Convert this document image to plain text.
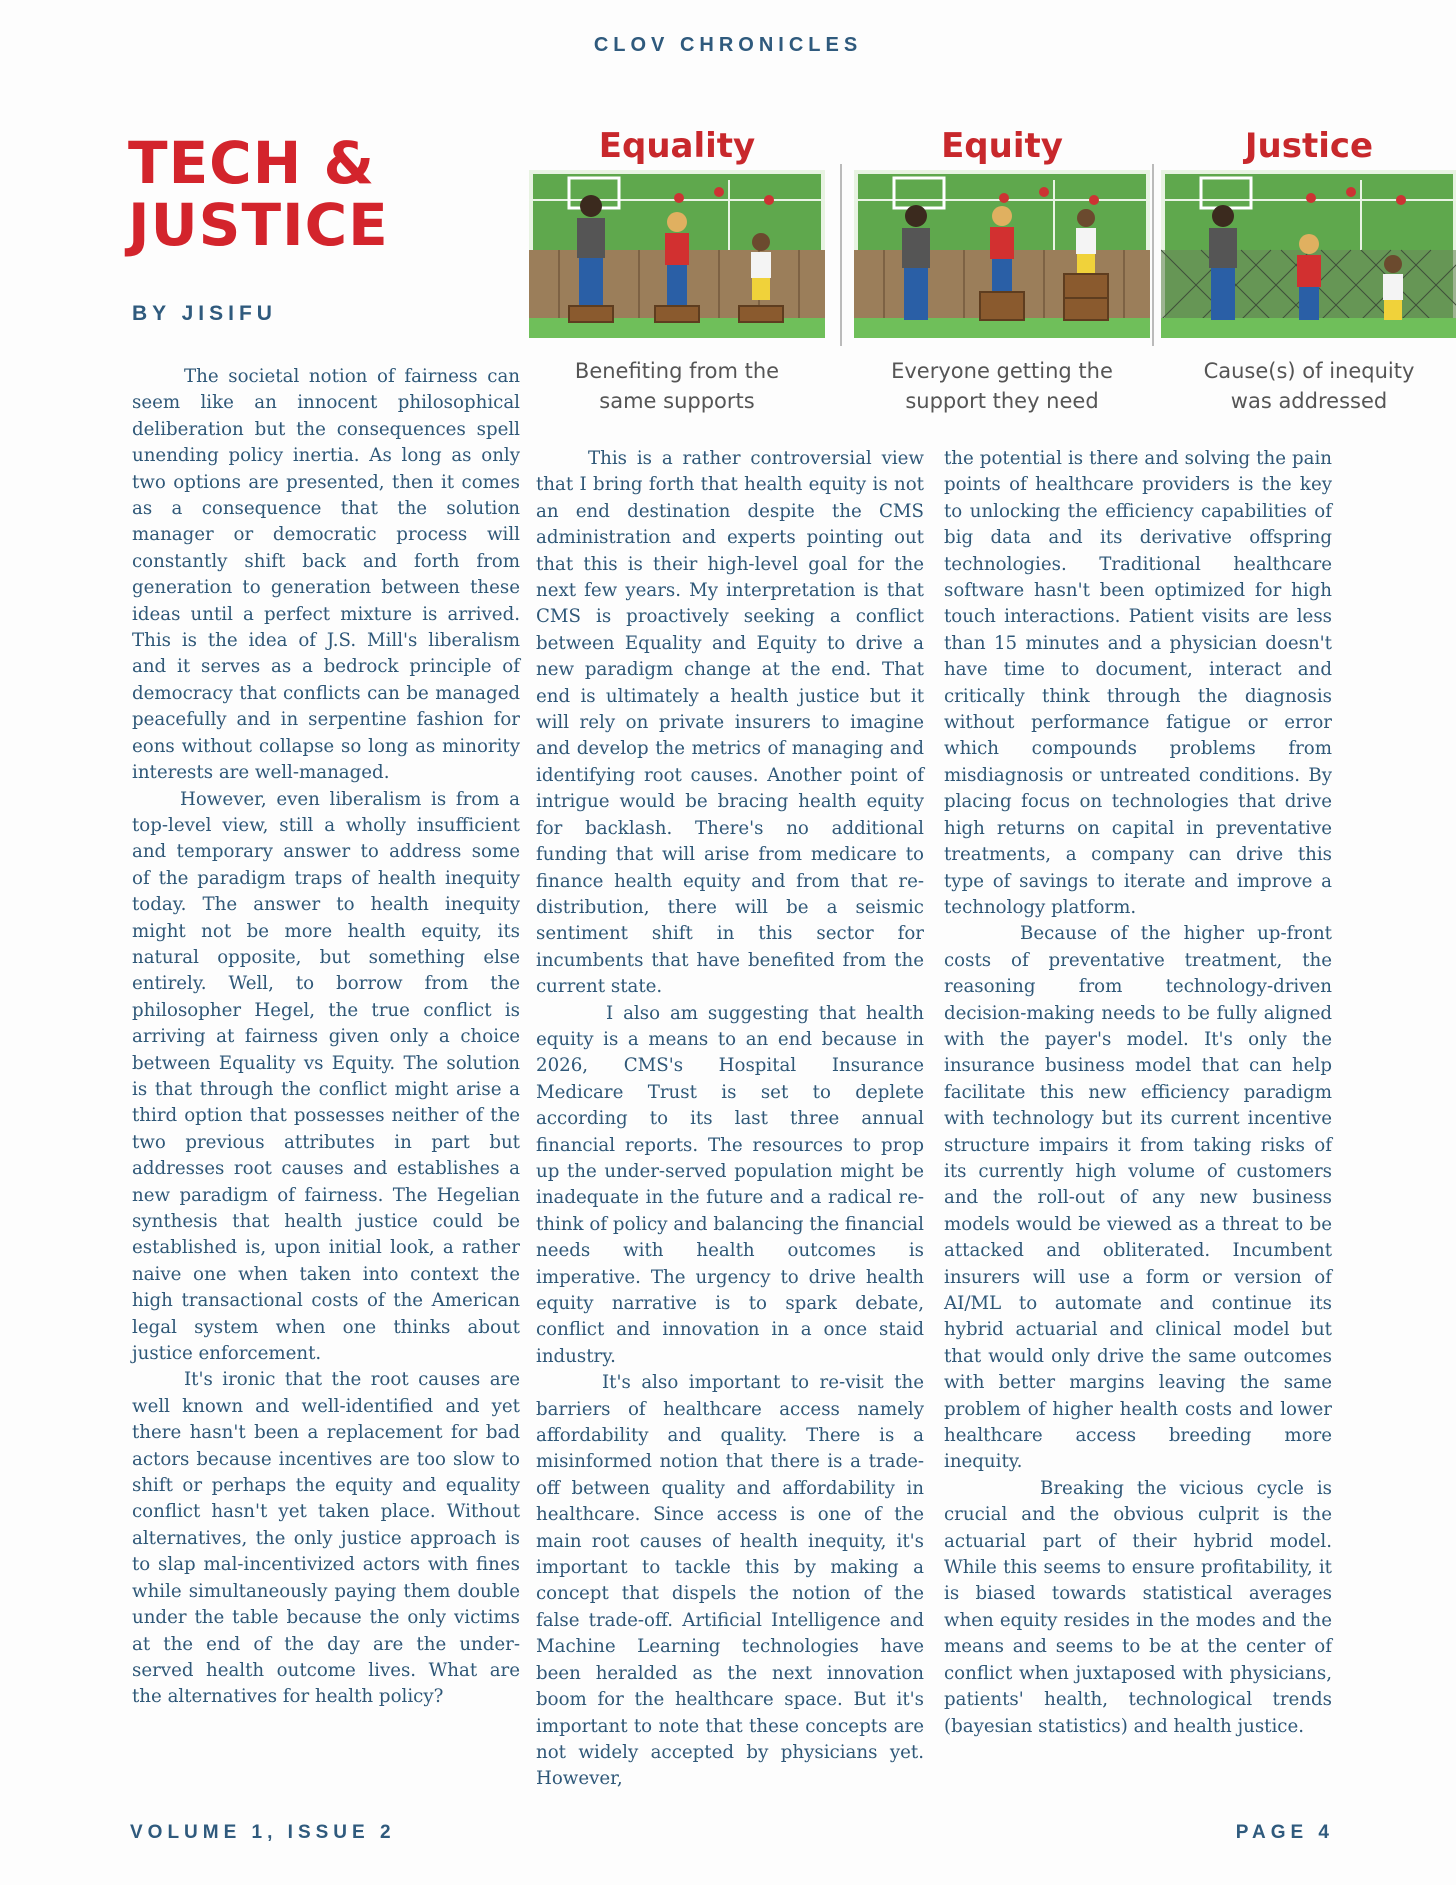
CLOV CHRONICLES
TECH &
JUSTICE
BY JISIFU
Equality
Benefiting from the
same supports
Equity
Everyone getting the
support they need
Justice
Cause(s) of inequity
was addressed

The societal notion of fairness can seem like an innocent philosophical deliberation but the consequences spell unending policy inertia. As long as only two options are presented, then it comes as a consequence that the solution manager or democratic process will constantly shift back and forth from generation to generation between these ideas until a perfect mixture is arrived. This is the idea of J.S. Mill's liberalism and it serves as a bedrock principle of democracy that conflicts can be managed peacefully and in serpentine fashion for eons without collapse so long as minority interests are well-managed.

However, even liberalism is from a top-level view, still a wholly insufficient and temporary answer to address some of the paradigm traps of health inequity today. The answer to health inequity might not be more health equity, its natural opposite, but something else entirely. Well, to borrow from the philosopher Hegel, the true conflict is arriving at fairness given only a choice between Equality vs Equity. The solution is that through the conflict might arise a third option that possesses neither of the two previous attributes in part but addresses root causes and establishes a new paradigm of fairness. The Hegelian synthesis that health justice could be established is, upon initial look, a rather naive one when taken into context the high transactional costs of the American legal system when one thinks about justice enforcement.

It's ironic that the root causes are well known and well-identified and yet there hasn't been a replacement for bad actors because incentives are too slow to shift or perhaps the equity and equality conflict hasn't yet taken place. Without alternatives, the only justice approach is to slap mal-incentivized actors with fines while simultaneously paying them double under the table because the only victims at the end of the day are the under-served health outcome lives. What are the alternatives for health policy?

This is a rather controversial view that I bring forth that health equity is not an end destination despite the CMS administration and experts pointing out that this is their high-level goal for the next few years. My interpretation is that CMS is proactively seeking a conflict between Equality and Equity to drive a new paradigm change at the end. That end is ultimately a health justice but it will rely on private insurers to imagine and develop the metrics of managing and identifying root causes. Another point of intrigue would be bracing health equity for backlash. There's no additional funding that will arise from medicare to finance health equity and from that re-distribution, there will be a seismic sentiment shift in this sector for incumbents that have benefited from the current state.

I also am suggesting that health equity is a means to an end because in 2026, CMS's Hospital Insurance Medicare Trust is set to deplete according to its last three annual financial reports. The resources to prop up the under-served population might be inadequate in the future and a radical re-think of policy and balancing the financial needs with health outcomes is imperative. The urgency to drive health equity narrative is to spark debate, conflict and innovation in a once staid industry.

It's also important to re-visit the barriers of healthcare access namely affordability and quality. There is a misinformed notion that there is a trade-off between quality and affordability in healthcare. Since access is one of the main root causes of health inequity, it's important to tackle this by making a concept that dispels the notion of the false trade-off. Artificial Intelligence and Machine Learning technologies have been heralded as the next innovation boom for the healthcare space. But it's important to note that these concepts are not widely accepted by physicians yet. However,

the potential is there and solving the pain points of healthcare providers is the key to unlocking the efficiency capabilities of big data and its derivative offspring technologies. Traditional healthcare software hasn't been optimized for high touch interactions. Patient visits are less than 15 minutes and a physician doesn't have time to document, interact and critically think through the diagnosis without performance fatigue or error which compounds problems from misdiagnosis or untreated conditions. By placing focus on technologies that drive high returns on capital in preventative treatments, a company can drive this type of savings to iterate and improve a technology platform.

Because of the higher up-front costs of preventative treatment, the reasoning from technology-driven decision-making needs to be fully aligned with the payer's model. It's only the insurance business model that can help facilitate this new efficiency paradigm with technology but its current incentive structure impairs it from taking risks of its currently high volume of customers and the roll-out of any new business models would be viewed as a threat to be attacked and obliterated. Incumbent insurers will use a form or version of AI/ML to automate and continue its hybrid actuarial and clinical model but that would only drive the same outcomes with better margins leaving the same problem of higher health costs and lower healthcare access breeding more inequity.

Breaking the vicious cycle is crucial and the obvious culprit is the actuarial part of their hybrid model. While this seems to ensure profitability, it is biased towards statistical averages when equity resides in the modes and the means and seems to be at the center of conflict when juxtaposed with physicians, patients' health, technological trends (bayesian statistics) and health justice.

VOLUME 1, ISSUE 2	PAGE 4
